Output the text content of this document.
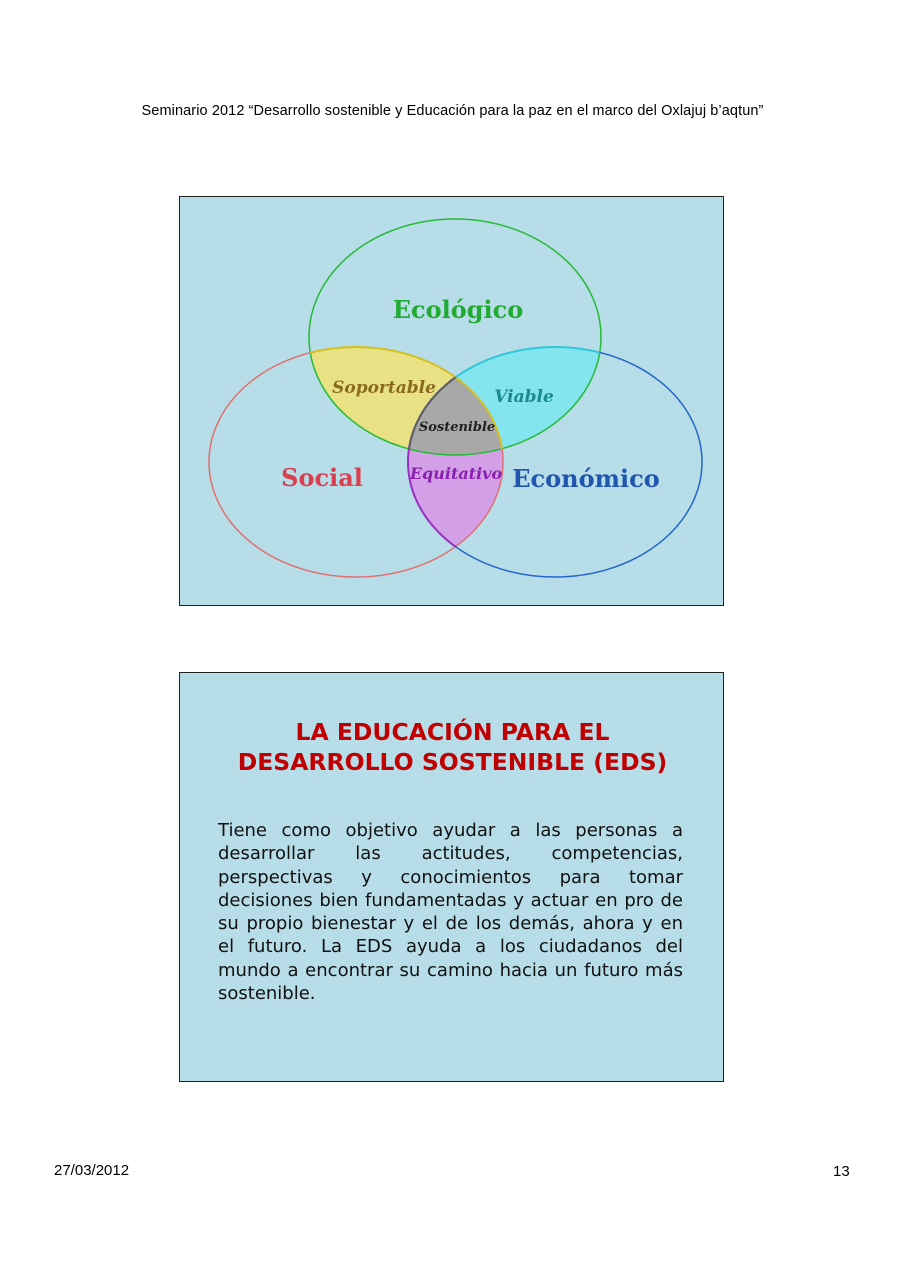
Seminario 2012 “Desarrollo sostenible y Educación para la paz en el marco del Oxlajuj b’aqtun”
Ecológico
Social	Económico
Soportable	Viable
Equitativo
Sostenible
LA EDUCACIÓN PARA EL
DESARROLLO SOSTENIBLE (EDS)
Tiene como objetivo ayudar a las personas a desarrollar las actitudes, competencias, perspectivas y conocimientos para tomar decisiones bien fundamentadas y actuar en pro de su propio bienestar y el de los demás, ahora y en el futuro. La EDS ayuda a los ciudadanos del mundo a encontrar su camino hacia un futuro más sostenible.
27/03/2012	13
